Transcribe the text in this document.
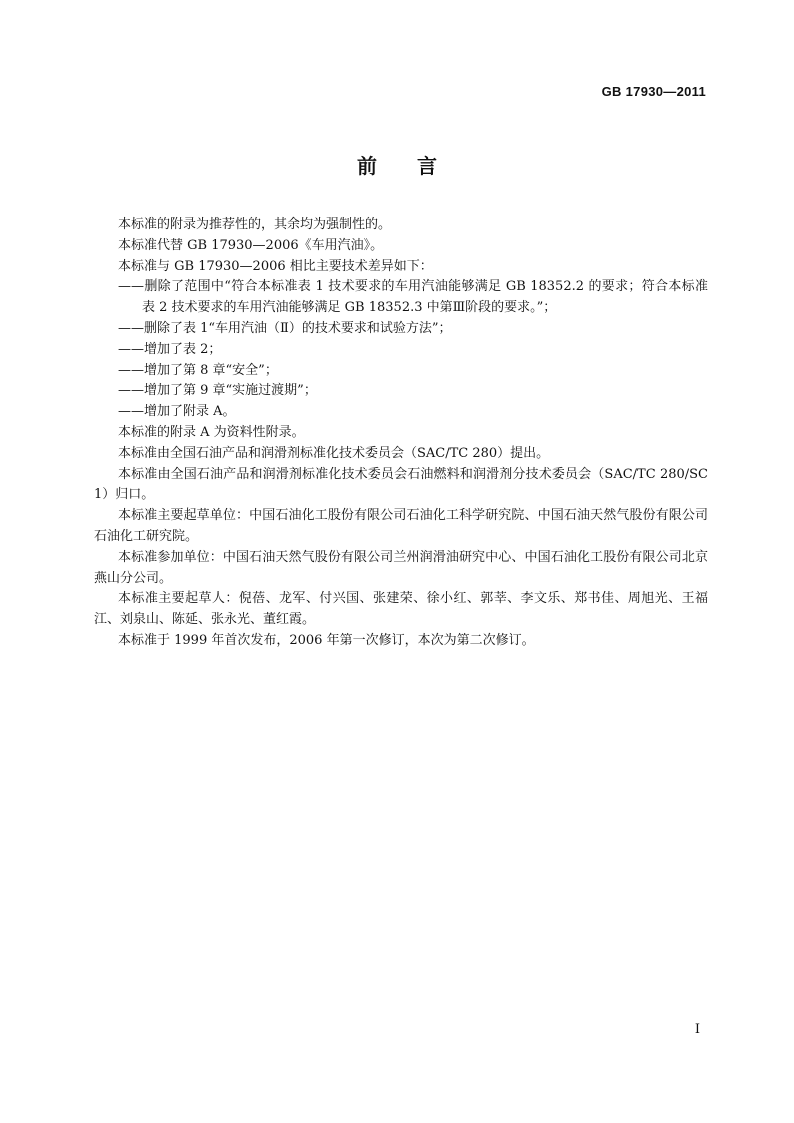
GB 17930—2011
前言

本标准的附录为推荐性的，其余均为强制性的。

本标准代替 GB 17930—2006《车用汽油》。

本标准与 GB 17930—2006 相比主要技术差异如下：

——删除了范围中“符合本标准表 1 技术要求的车用汽油能够满足 GB 18352.2 的要求；符合本标准表 2 技术要求的车用汽油能够满足 GB 18352.3 中第Ⅲ阶段的要求。”；

——删除了表 1“车用汽油（Ⅱ）的技术要求和试验方法”；

——增加了表 2；

——增加了第 8 章“安全”；

——增加了第 9 章“实施过渡期”；

——增加了附录 A。

本标准的附录 A 为资料性附录。

本标准由全国石油产品和润滑剂标准化技术委员会（SAC/TC 280）提出。

本标准由全国石油产品和润滑剂标准化技术委员会石油燃料和润滑剂分技术委员会（SAC/TC 280/SC 1）归口。

本标准主要起草单位：中国石油化工股份有限公司石油化工科学研究院、中国石油天然气股份有限公司石油化工研究院。

本标准参加单位：中国石油天然气股份有限公司兰州润滑油研究中心、中国石油化工股份有限公司北京燕山分公司。

本标准主要起草人：倪蓓、龙军、付兴国、张建荣、徐小红、郭莘、李文乐、郑书佳、周旭光、王福江、刘泉山、陈延、张永光、董红霞。

本标准于 1999 年首次发布，2006 年第一次修订，本次为第二次修订。

I
